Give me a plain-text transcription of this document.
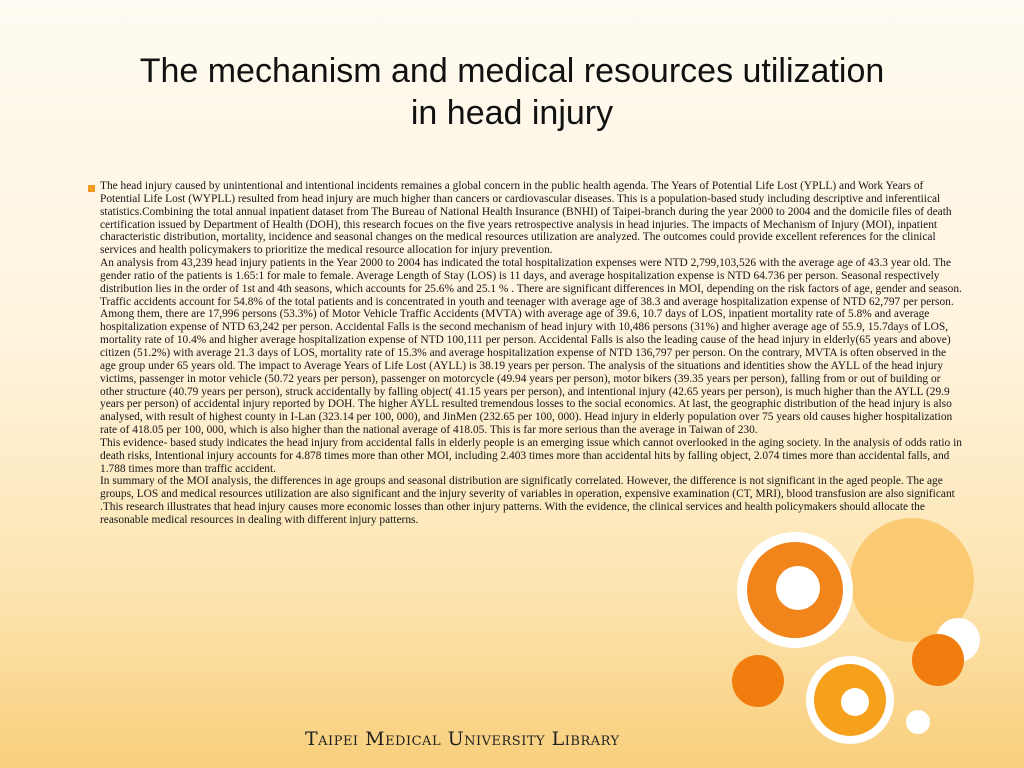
The mechanism and medical resources utilization
in head injury

The head injury caused by unintentional and intentional incidents remaines a global concern in the public health agenda. The Years of Potential Life Lost (YPLL) and Work Years of Potential Life Lost (WYPLL) resulted from head injury are much higher than cancers or cardiovascular diseases. This is a population-based study including descriptive and inferentiical statistics.Combining the total annual inpatient dataset from The Bureau of National Health Insurance (BNHI) of Taipei-branch during the year 2000 to 2004 and the domicile files of death certification issued by Department of Health (DOH), this research focues on the five years retrospective analysis in head injuries. The impacts of Mechanism of Injury (MOI), inpatient characteristic distribution, mortality, incidence and seasonal changes on the medical resources utilization are analyzed. The outcomes could provide excellent references for the clinical services and health policymakers to prioritize the medical resource allocation for injury prevention.

An analysis from 43,239 head injury patients in the Year 2000 to 2004 has indicated the total hospitalization expenses were NTD 2,799,103,526 with the average age of 43.3 year old. The gender ratio of the patients is 1.65:1 for male to female. Average Length of Stay (LOS) is 11 days, and average hospitalization expense is NTD 64.736 per person. Seasonal respectively distribution lies in the order of 1st and 4th seasons, which accounts for 25.6% and 25.1 % . There are significant differences in MOI, depending on the risk factors of age, gender and season. Traffic accidents account for 54.8% of the total patients and is concentrated in youth and teenager with average age of 38.3 and average hospitalization expense of NTD 62,797 per person. Among them, there are 17,996 persons (53.3%) of Motor Vehicle Traffic Accidents (MVTA) with average age of 39.6, 10.7 days of LOS, inpatient mortality rate of 5.8% and average hospitalization expense of NTD 63,242 per person. Accidental Falls is the second mechanism of head injury with 10,486 persons (31%) and higher average age of 55.9, 15.7days of LOS, mortality rate of 10.4% and higher average hospitalization expense of NTD 100,111 per person. Accidental Falls is also the leading cause of the head injury in elderly(65 years and above) citizen (51.2%) with average 21.3 days of LOS, mortality rate of 15.3% and average hospitalization expense of NTD 136,797 per person. On the contrary, MVTA is often observed in the age group under 65 years old. The impact to Average Years of Life Lost (AYLL) is 38.19 years per person. The analysis of the situations and identities show the AYLL of the head injury victims, passenger in motor vehicle (50.72 years per person), passenger on motorcycle (49.94 years per person), motor bikers (39.35 years per person), falling from or out of building or other structure (40.79 years per person), struck accidentally by falling object( 41.15 years per person), and intentional injury (42.65 years per person), is much higher than the AYLL (29.9 years per person) of accidental injury reported by DOH. The higher AYLL resulted tremendous losses to the social economics. At last, the geographic distribution of the head injury is also analysed, with result of highest county in I-Lan (323.14 per 100, 000), and JinMen (232.65 per 100, 000). Head injury in elderly population over 75 years old causes higher hospitalization rate of 418.05 per 100, 000, which is also higher than the national average of 418.05. This is far more serious than the average in Taiwan of 230.

This evidence- based study indicates the head injury from accidental falls in elderly people is an emerging issue which cannot overlooked in the aging society. In the analysis of odds ratio in death risks, Intentional injury accounts for 4.878 times more than other MOI, including 2.403 times more than accidental hits by falling object, 2.074 times more than accidental falls, and 1.788 times more than traffic accident.

In summary of the MOI analysis, the differences in age groups and seasonal distribution are significatly correlated. However, the difference is not significant in the aged people. The age groups, LOS and medical resources utilization are also significant and the injury severity of variables in operation, expensive examination (CT, MRI), blood transfusion are also significant .This research illustrates that head injury causes more economic losses than other injury patterns. With the evidence, the clinical services and health policymakers should allocate the reasonable medical resources in dealing with different injury patterns.

Taipei Medical University Library
